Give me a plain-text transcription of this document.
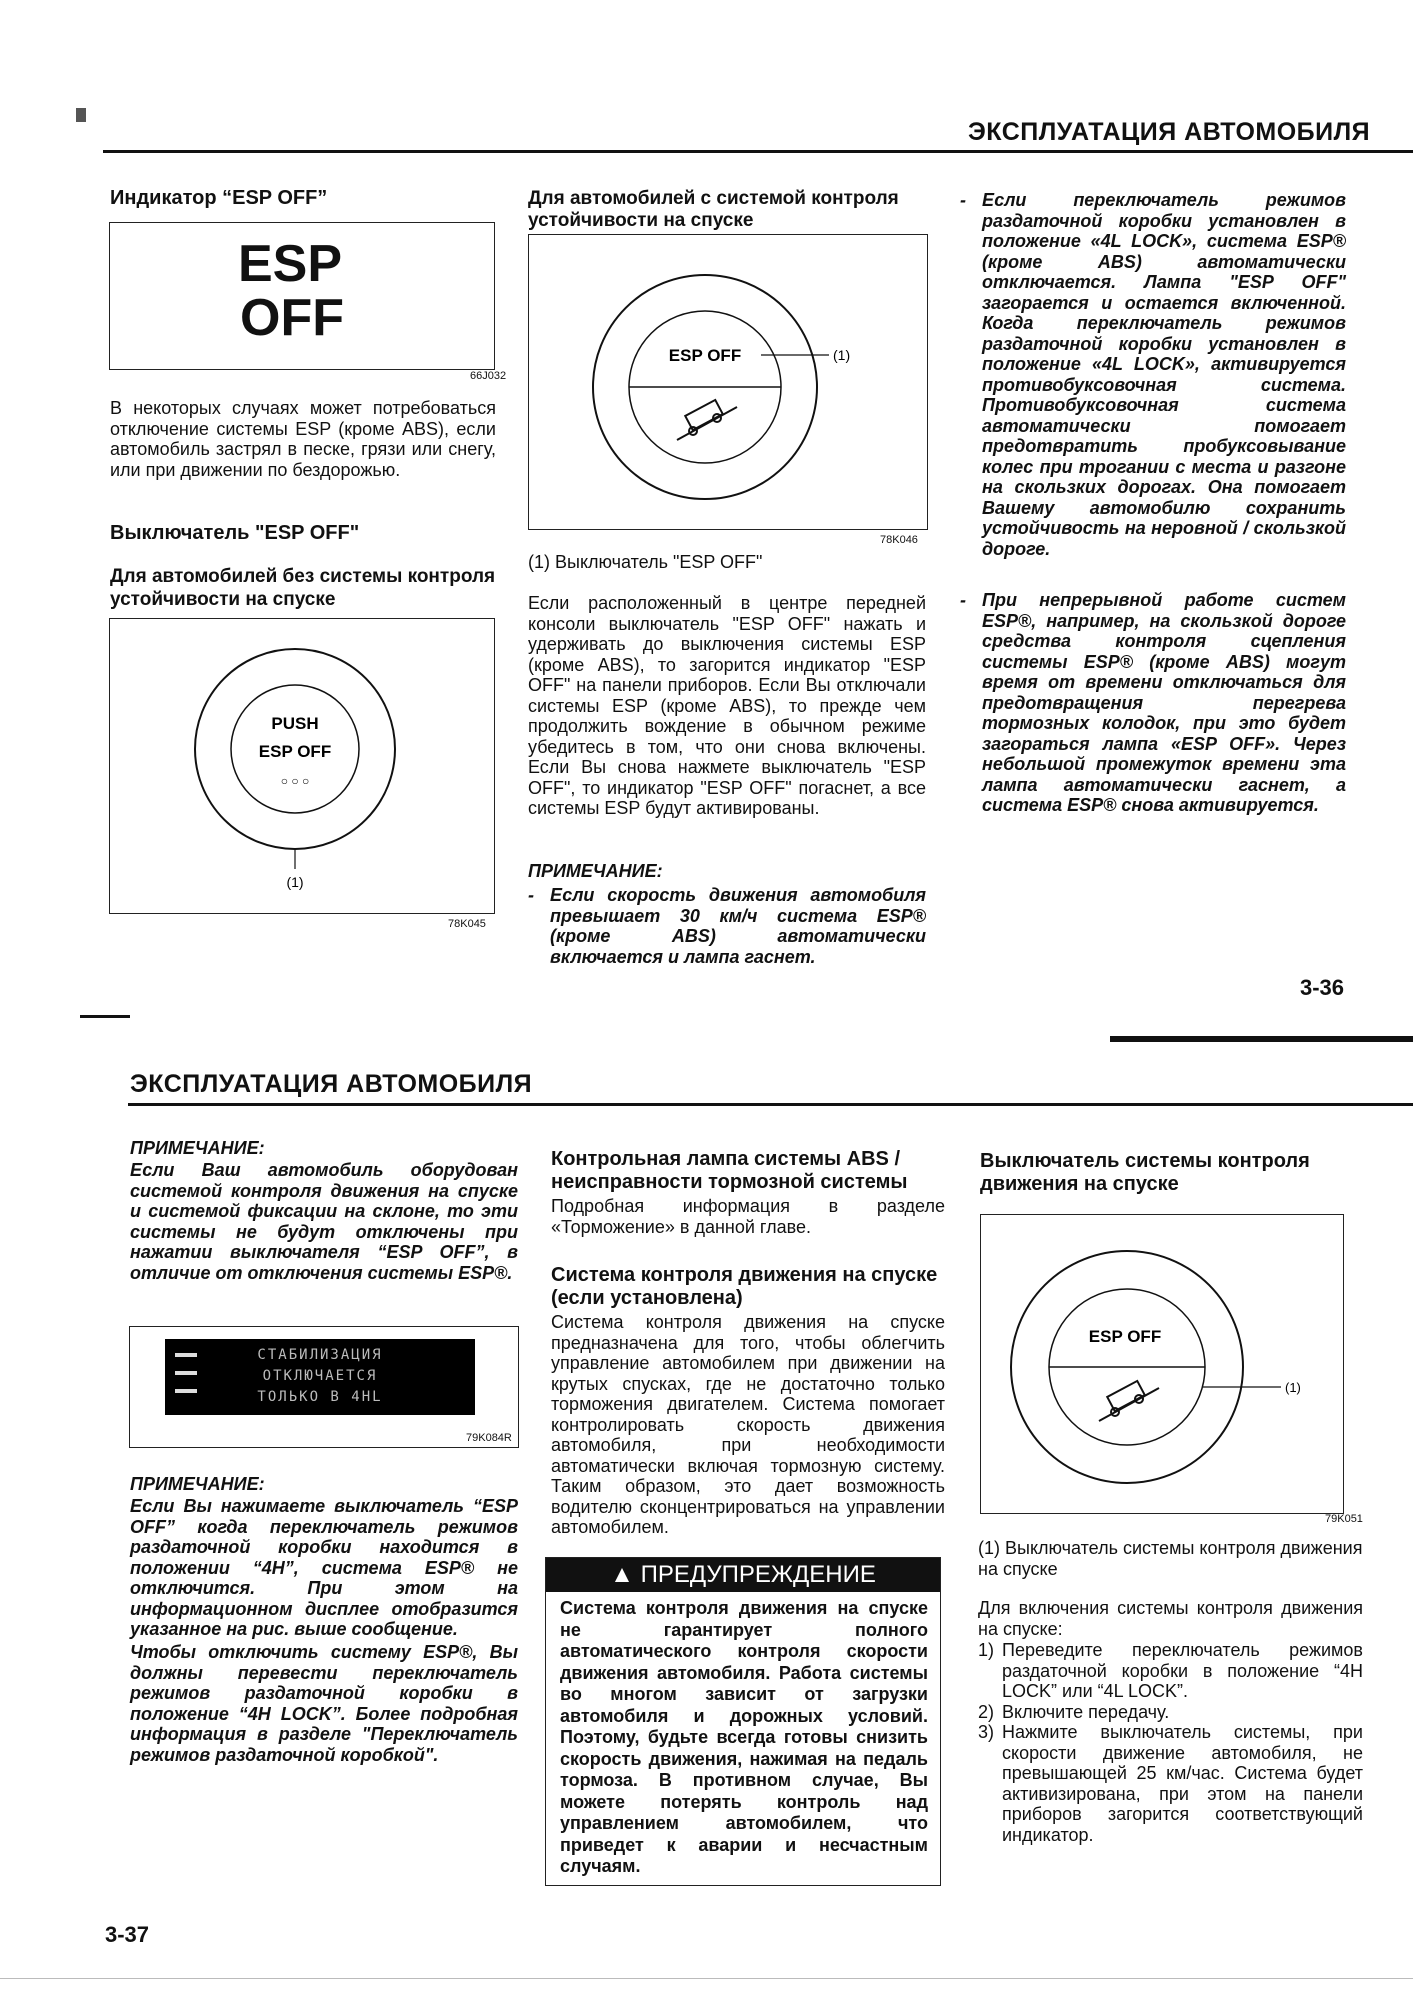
ЭКСПЛУАТАЦИЯ АВТОМОБИЛЯ
Индикатор “ESP OFF”
ESP
OFF
66J032
В некоторых случаях может потребоваться отключение системы ESP (кроме ABS), если автомобиль застрял в песке, грязи или снегу, или при движении по бездорожью.
Выключатель "ESP OFF"
Для автомобилей без системы контроля устойчивости на спуске
PUSH
ESP OFF
○ ○ ○
(1)
78K045
Для автомобилей с системой контроля устойчивости на спуске
ESP OFF	(1)
78K046
(1) Выключатель "ESP OFF"
Если расположенный в центре передней консоли выключатель "ESP OFF" нажать и удерживать до выключения системы ESP (кроме ABS), то загорится индикатор "ESP OFF" на панели приборов. Если Вы отключали системы ESP (кроме ABS), то прежде чем продолжить вождение в обычном режиме убедитесь в том, что они снова включены. Если Вы снова нажмете выключатель "ESP OFF", то индикатор "ESP OFF" погаснет, а все системы ESP будут активированы.
ПРИМЕЧАНИЕ:
- Если скорость движения автомобиля превышает 30 км/ч система ESP® (кроме ABS) автоматически включается и лампа гаснет.
- Если переключатель режимов раздаточной коробки установлен в положение «4L LOCK», система ESP® (кроме ABS) автоматически отключается. Лампа "ESP OFF" загорается и остается включенной. Когда переключатель режимов раздаточной коробки установлен в положение «4L LOCK», активируется противобуксовочная система. Противобуксовочная система автоматически помогает предотвратить пробуксовывание колес при трогании с места и разгоне на скользких дорогах. Она помогает Вашему автомобилю сохранить устойчивость на неровной / скользкой дороге.
- При непрерывной работе систем ESP®, например, на скользкой дороге средства контроля сцепления системы ESP® (кроме ABS) могут время от времени отключаться для предотвращения перегрева тормозных колодок, при это будет загораться лампа «ESP OFF». Через небольшой промежуток времени эта лампа автоматически гаснет, а система ESP® снова активируется.
3-36
ЭКСПЛУАТАЦИЯ АВТОМОБИЛЯ
ПРИМЕЧАНИЕ:
Если Ваш автомобиль оборудован системой контроля движения на спуске и системой фиксации на склоне, то эти системы не будут отключены при нажатии выключателя “ESP OFF”, в отличие от отключения системы ESP®.
СТАБИЛИЗАЦИЯ
ОТКЛЮЧАЕТСЯ
ТОЛЬКО В 4HL
79K084R
ПРИМЕЧАНИЕ:
Если Вы нажимаете выключатель “ESP OFF” когда переключатель режимов раздаточной коробки находится в положении “4H”, система ESP® не отключится. При этом на информационном дисплее отобразится указанное на рис. выше сообщение.
Чтобы отключить систему ESP®, Вы должны перевести переключатель режимов раздаточной коробки в положение “4H LOCK”. Более подробная информация в разделе "Переключатель режимов раздаточной коробкой".
3-37
Контрольная лампа системы ABS / неисправности тормозной системы
Подробная информация в разделе «Торможение» в данной главе.
Система контроля движения на спуске (если установлена)
Система контроля движения на спуске предназначена для того, чтобы облегчить управление автомобилем при движении на крутых спусках, где не достаточно только торможения двигателем. Система помогает контролировать скорость движения автомобиля, при необходимости автоматически включая тормозную систему. Таким образом, это дает возможность водителю сконцентрироваться на управлении автомобилем.
▲ ПРЕДУПРЕЖДЕНИЕ
Система контроля движения на спуске не гарантирует полного автоматического контроля скорости движения автомобиля. Работа системы во многом зависит от загрузки автомобиля и дорожных условий. Поэтому, будьте всегда готовы снизить скорость движения, нажимая на педаль тормоза. В противном случае, Вы можете потерять контроль над управлением автомобилем, что приведет к аварии и несчастным случаям.
Выключатель системы контроля движения на спуске
ESP OFF
(1)
79K051
(1) Выключатель системы контроля движения на спуске
Для включения системы контроля движения на спуске:
1) Переведите переключатель режимов раздаточной коробки в положение “4H LOCK” или “4L LOCK”.
2) Включите передачу.
3) Нажмите выключатель системы, при скорости движение автомобиля, не превышающей 25 км/час. Система будет активизирована, при этом на панели приборов загорится соответствующий индикатор.
